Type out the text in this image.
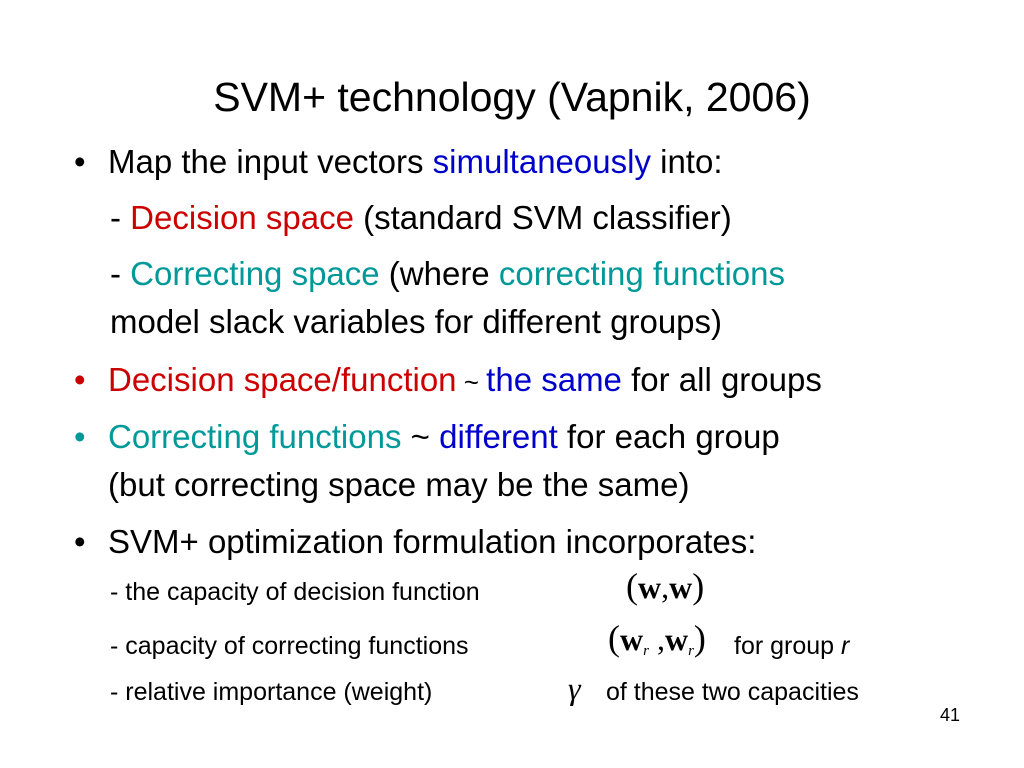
SVM+ technology (Vapnik, 2006)
• Map the input vectors simultaneously into:
- Decision space (standard SVM classifier)
- Correcting space (where correcting functions
model slack variables for different groups)
• Decision space/function ~ the same for all groups
• Correcting functions ~ different for each group
(but correcting space may be the same)
• SVM+ optimization formulation incorporates:
- the capacity of decision function	(w,w)
- capacity of correcting functions	($w_r$ $,w_r$) for group r
- relative importance (weight)	γ of these two capacities
41
